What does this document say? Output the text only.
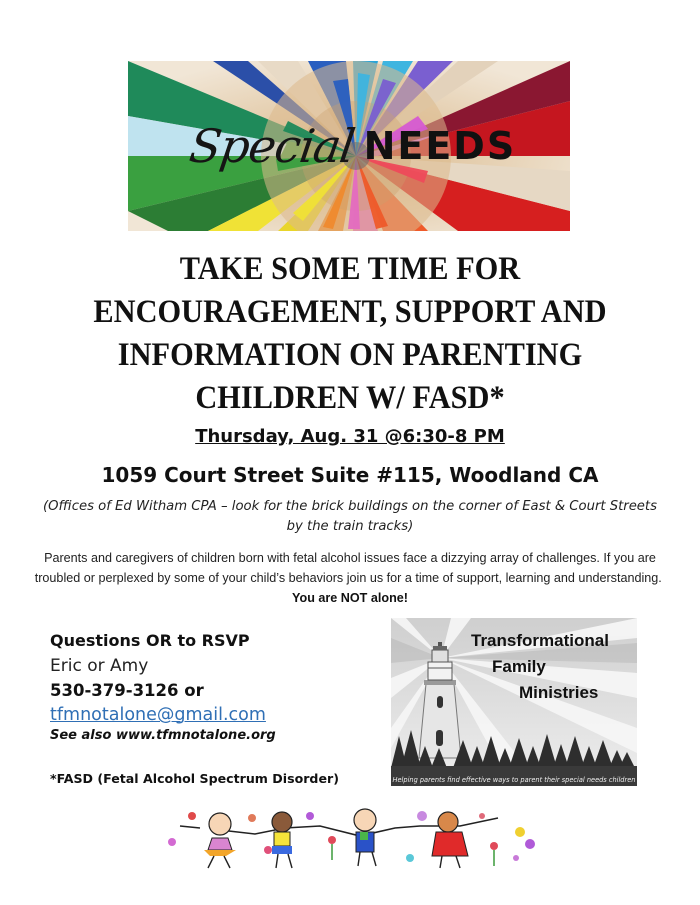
Special NEEDS
TAKE SOME TIME FOR
ENCOURAGEMENT, SUPPORT AND
INFORMATION ON PARENTING
CHILDREN W/ FASD*
Thursday, Aug. 31 @6:30-8 PM
1059 Court Street Suite #115, Woodland CA
(Offices of Ed Witham CPA – look for the brick buildings on the corner of East & Court Streets by the train tracks)
Parents and caregivers of children born with fetal alcohol issues face a dizzying array of challenges. If you are troubled or perplexed by some of your child’s behaviors join us for a time of support, learning and understanding.  You are NOT alone!
Questions OR to RSVP
Eric or Amy
530-379-3126 or
tfmnotalone@gmail.com
See also www.tfmnotalone.org
*FASD (Fetal Alcohol Spectrum Disorder)
Transformational
Family
Ministries
Helping parents find effective ways to parent their special needs children
